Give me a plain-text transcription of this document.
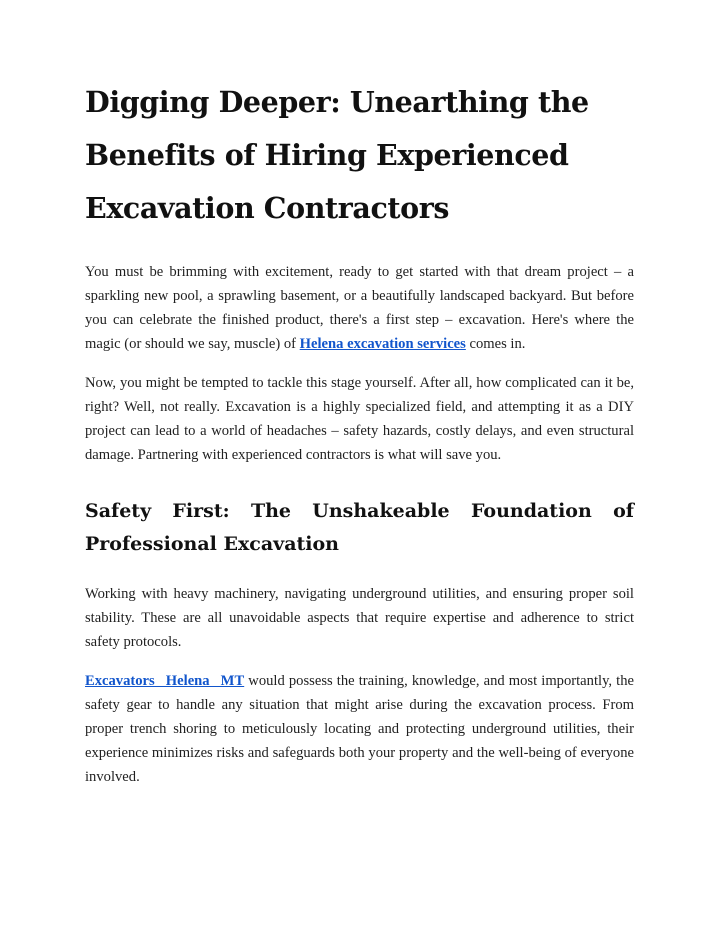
Digging Deeper: Unearthing the
Benefits of Hiring Experienced
Excavation Contractors

You must be brimming with excitement, ready to get started with that dream project – a sparkling new pool, a sprawling basement, or a beautifully landscaped backyard. But before you can celebrate the finished product, there's a first step – excavation. Here's where the magic (or should we say, muscle) of Helena excavation services comes in.

Now, you might be tempted to tackle this stage yourself. After all, how complicated can it be, right? Well, not really. Excavation is a highly specialized field, and attempting it as a DIY project can lead to a world of headaches – safety hazards, costly delays, and even structural damage. Partnering with experienced contractors is what will save you.

Safety First: The Unshakeable Foundation of
Professional Excavation

Working with heavy machinery, navigating underground utilities, and ensuring proper soil stability. These are all unavoidable aspects that require expertise and adherence to strict safety protocols.

Excavators Helena MT would possess the training, knowledge, and most importantly, the safety gear to handle any situation that might arise during the excavation process. From proper trench shoring to meticulously locating and protecting underground utilities, their experience minimizes risks and safeguards both your property and the well-being of everyone involved.
